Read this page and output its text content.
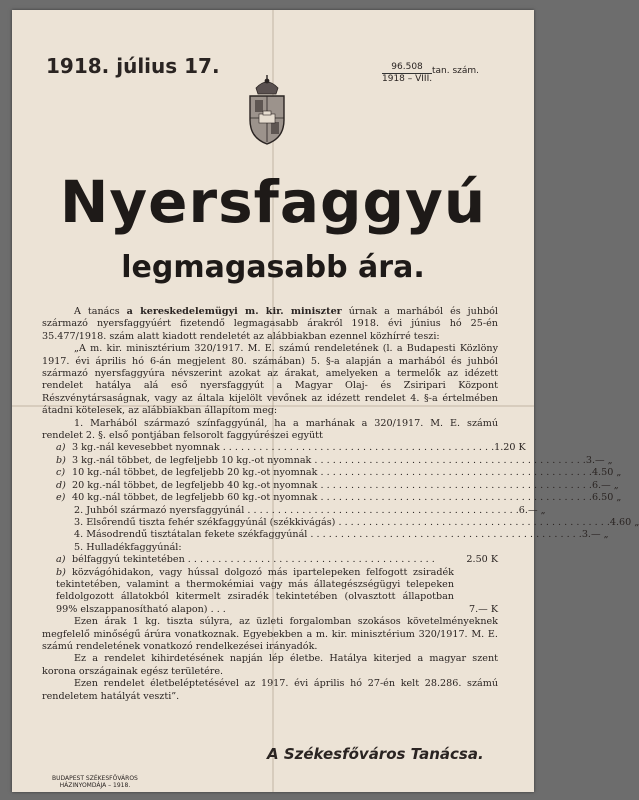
1918. július 17.	96.508
1918 – VIII.
tan. szám.
Nyersfaggyú
legmagasabb ára.

A tanács a kereskedelemügyi m. kir. miniszter úrnak a marhából és juhból származó nyersfaggyúért fizetendő legmagasabb árakról 1918. évi június hó 25-én 35.477/1918. szám alatt kiadott rendeletét az alábbiakban ezennel közhírré teszi:

„A m. kir. minisztérium 320/1917. M. E. számú rendeletének (l. a Budapesti Közlöny 1917. évi április hó 6-án megjelent 80. számában) 5. §-a alapján a marhából és juhból származó nyersfaggyúra névszerint azokat az árakat, amelyeken a termelők az idézett rendelet hatálya alá eső nyersfaggyút a Magyar Olaj- és Zsiripari Központ Részvénytársaságnak, vagy az általa kijelölt vevőnek az idézett rendelet 4. §-a értelmében átadni kötelesek, az alábbiakban állapítom meg:

1. Marhából származó színfaggyúnál, ha a marhának a 320/1917. M. E. számú rendelet 2. §. első pontjában felsorolt faggyúrészei együtt

a) 3 kg.-nál kevesebbet nyomnak . . . . . . . . . . . . . . . . . . . . . . . . . . . . . . . . . . . . . . . . . . . . . 1.20 K
b) 3 kg.-nál többet, de legfeljebb 10 kg.-ot nyomnak . . . . . . . . . . . . . . . . . . . . . . . . . . . . . . . . . . . . . . . . . . . . . 3.— „
c) 10 kg.-nál többet, de legfeljebb 20 kg.-ot nyomnak . . . . . . . . . . . . . . . . . . . . . . . . . . . . . . . . . . . . . . . . . . . . . 4.50 „
d) 20 kg.-nál többet, de legfeljebb 40 kg.-ot nyomnak . . . . . . . . . . . . . . . . . . . . . . . . . . . . . . . . . . . . . . . . . . . . . 6.— „
e) 40 kg.-nál többet, de legfeljebb 60 kg.-ot nyomnak . . . . . . . . . . . . . . . . . . . . . . . . . . . . . . . . . . . . . . . . . . . . . 6.50 „
2. Juhból származó nyersfaggyúnál . . . . . . . . . . . . . . . . . . . . . . . . . . . . . . . . . . . . . . . . . . . . . 6.— „
3. Elsőrendű tiszta fehér székfaggyúnál (székkivágás) . . . . . . . . . . . . . . . . . . . . . . . . . . . . . . . . . . . . . . . . . . . . . 4.60 „
4. Másodrendű tisztátalan fekete székfaggyúnál . . . . . . . . . . . . . . . . . . . . . . . . . . . . . . . . . . . . . . . . . . . . . 3.— „

5. Hulladékfaggyúnál:

a) bélfaggyú tekintetében . . . . . . . . . . . . . . . . . . . . . . . . . . . . . . . . . . . . . . . . .	2.50 K
b) közvágóhidakon, vagy hússal dolgozó más ipartelepeken felfogott zsiradék tekintetében, valamint a thermokémiai vagy más állategészségügyi telepeken feldolgozott állatokból kitermelt zsiradék tekintetében (olvasztott állapotban 99% elszappanosítható alapon) . . .	7.— K

Ezen árak 1 kg. tiszta súlyra, az üzleti forgalomban szokásos követelményeknek megfelelő minőségű árúra vonatkoznak. Egyebekben a m. kir. minisztérium 320/1917. M. E. számú rendeletének vonatkozó rendelkezései irányadók.

Ez a rendelet kihirdetésének napján lép életbe. Hatálya kiterjed a magyar szent korona országainak egész területére.

Ezen rendelet életbeléptetésével az 1917. évi április hó 27-én kelt 28.286. számú rendeletem hatályát veszti”.

A Székesfőváros Tanácsa.
BUDAPEST SZÉKESFŐVÁROS
HÁZINYOMDÁJA – 1918.
